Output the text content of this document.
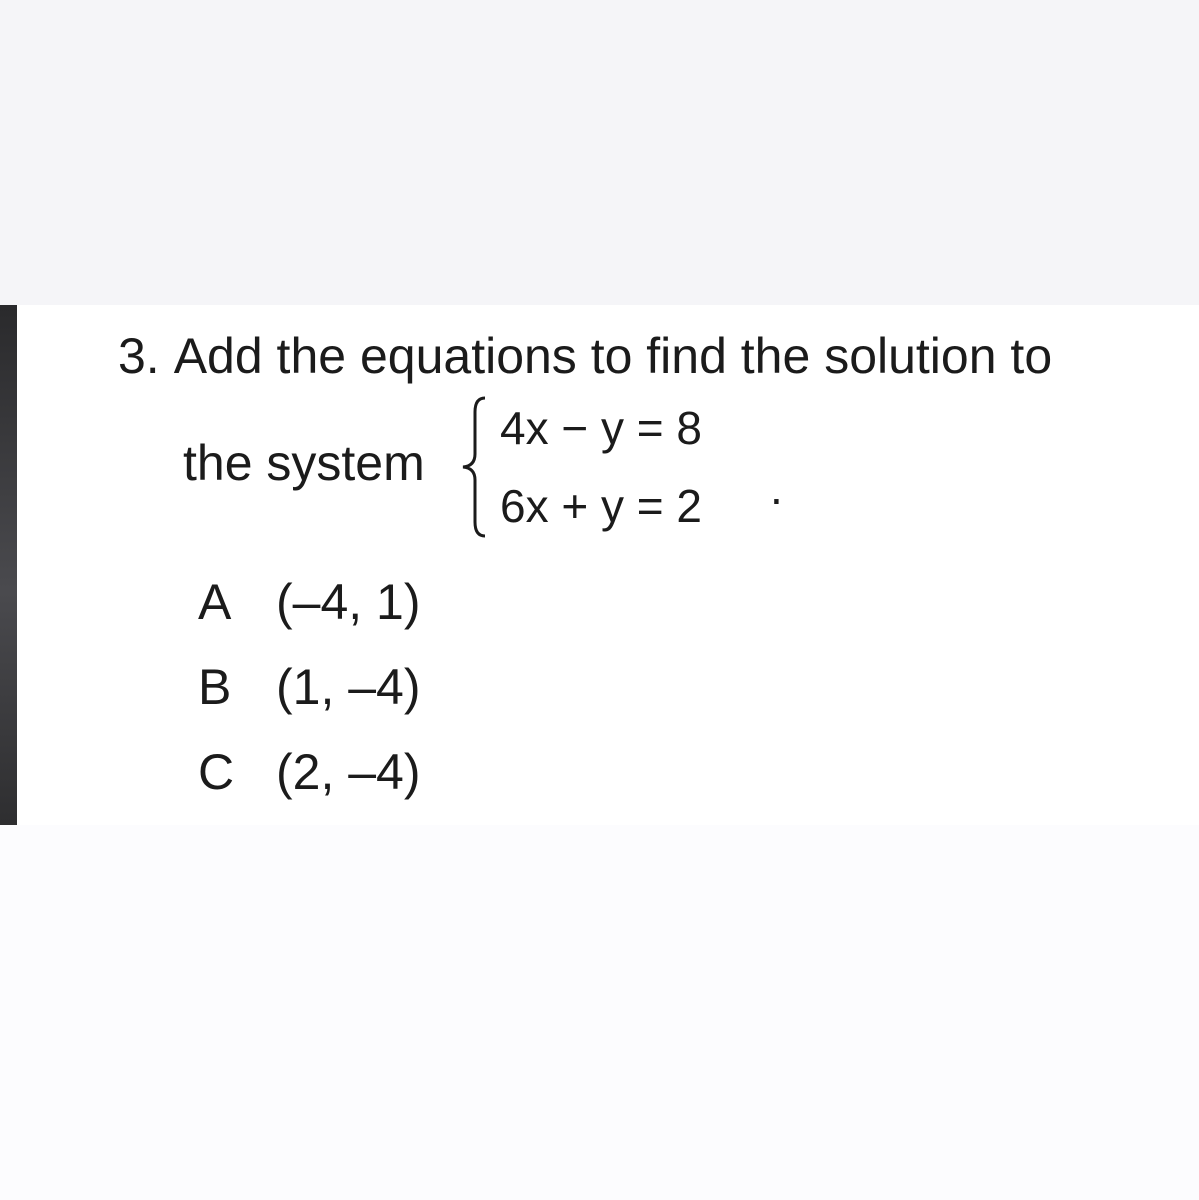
3. Add the equations to find the solution to
the system
4x − y = 8
6x + y = 2 .
A (–4, 1)
B (1, –4)
C (2, –4)
